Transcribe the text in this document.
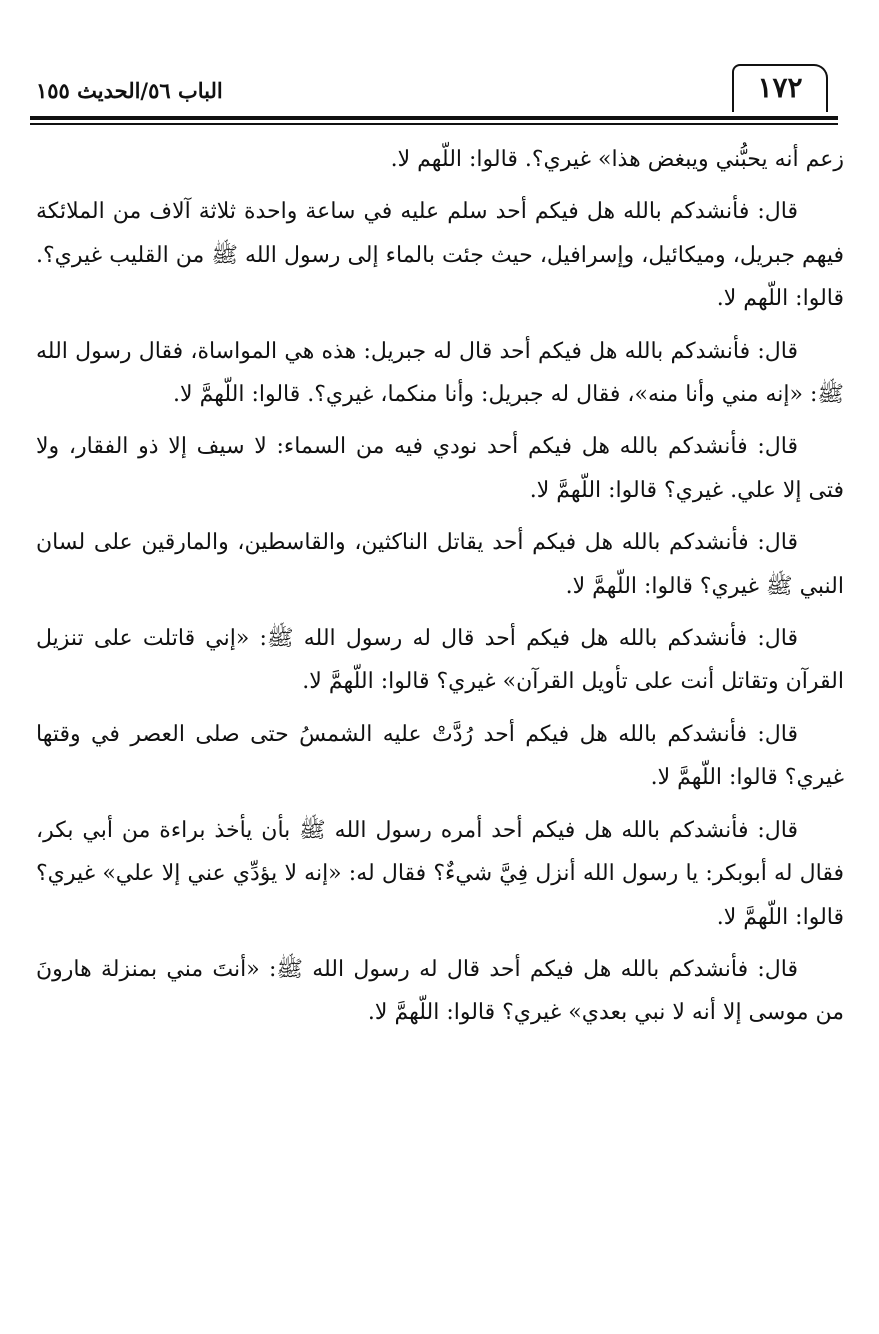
الباب ٥٦/الحديث ١٥٥	١٧٢

زعم أنه يحبُّني ويبغض هذا» غيري؟. قالوا: اللّهم لا.

قال: فأنشدكم بالله هل فيكم أحد سلم عليه في ساعة واحدة ثلاثة آلاف من الملائكة فيهم جبريل، وميكائيل، وإسرافيل، حيث جئت بالماء إلى رسول الله ﷺ من القليب غيري؟. قالوا: اللّهم لا.

قال: فأنشدكم بالله هل فيكم أحد قال له جبريل: هذه هي المواساة، فقال رسول الله ﷺ: «إنه مني وأنا منه»، فقال له جبريل: وأنا منكما، غيري؟. قالوا: اللّهمَّ لا.

قال: فأنشدكم بالله هل فيكم أحد نودي فيه من السماء: لا سيف إلا ذو الفقار، ولا فتى إلا علي. غيري؟ قالوا: اللّهمَّ لا.

قال: فأنشدكم بالله هل فيكم أحد يقاتل الناكثين، والقاسطين، والمارقين على لسان النبي ﷺ غيري؟ قالوا: اللّهمَّ لا.

قال: فأنشدكم بالله هل فيكم أحد قال له رسول الله ﷺ: «إني قاتلت على تنزيل القرآن وتقاتل أنت على تأويل القرآن» غيري؟ قالوا: اللّهمَّ لا.

قال: فأنشدكم بالله هل فيكم أحد رُدَّتْ عليه الشمسُ حتى صلى العصر في وقتها غيري؟ قالوا: اللّهمَّ لا.

قال: فأنشدكم بالله هل فيكم أحد أمره رسول الله ﷺ بأن يأخذ براءة من أبي بكر، فقال له أبوبكر: يا رسول الله أنزل فِيَّ شيءٌ؟ فقال له: «إنه لا يؤدِّي عني إلا علي» غيري؟ قالوا: اللّهمَّ لا.

قال: فأنشدكم بالله هل فيكم أحد قال له رسول الله ﷺ: «أنتَ مني بمنزلة هارونَ من موسى إلا أنه لا نبي بعدي» غيري؟ قالوا: اللّهمَّ لا.
